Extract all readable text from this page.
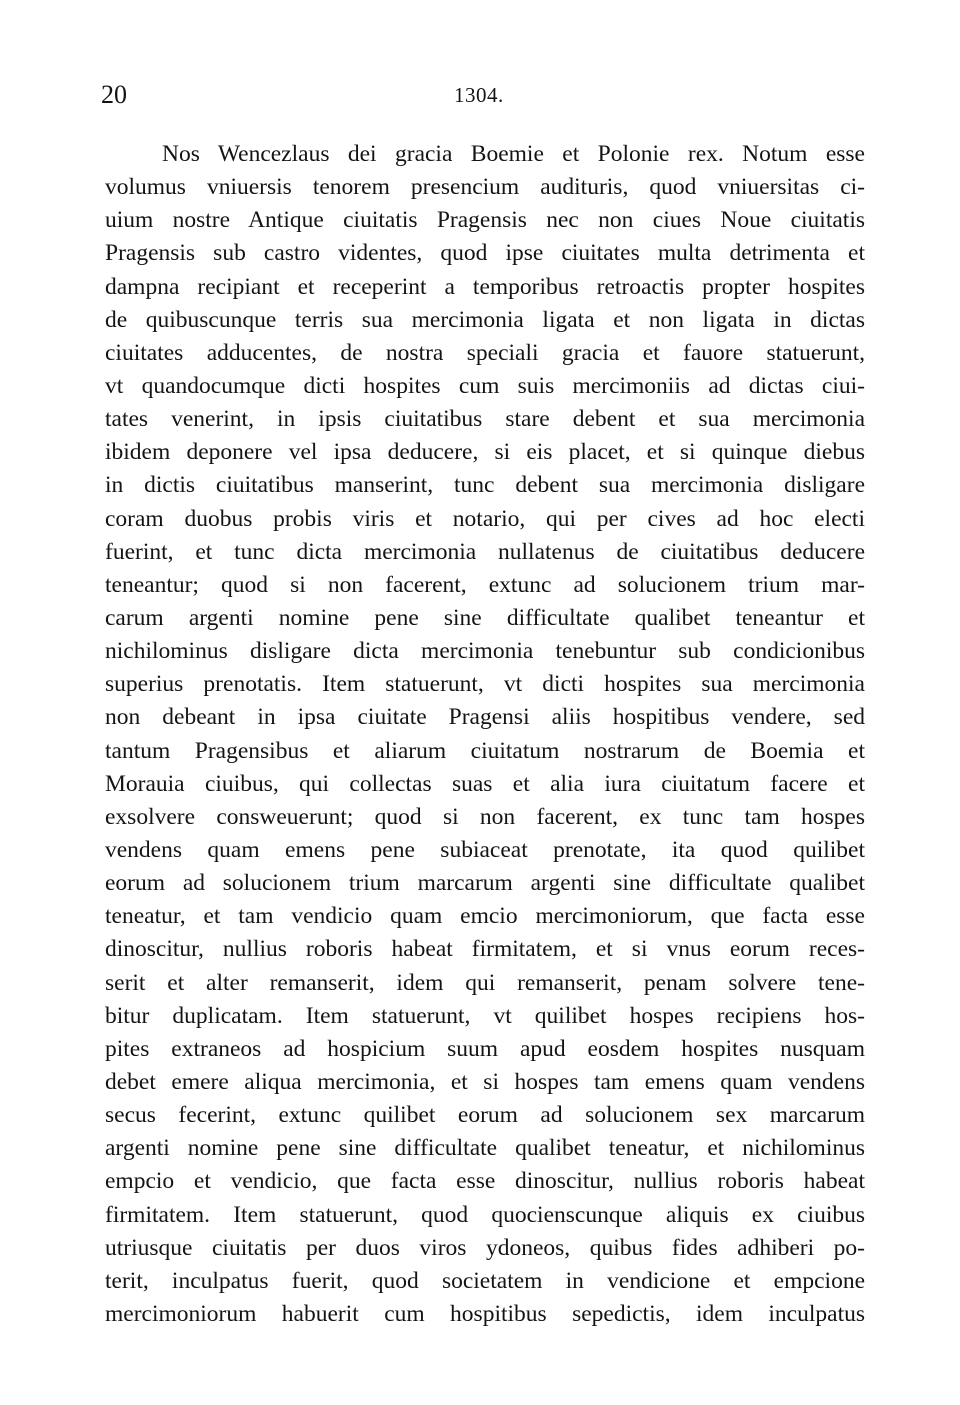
20	1304.
Nos Wencezlaus dei gracia Boemie et Polonie rex. Notum esse
volumus vniuersis tenorem presencium audituris, quod vniuersitas ci-
uium nostre Antique ciuitatis Pragensis nec non ciues Noue ciuitatis
Pragensis sub castro videntes, quod ipse ciuitates multa detrimenta et
dampna recipiant et receperint a temporibus retroactis propter hospites
de quibuscunque terris sua mercimonia ligata et non ligata in dictas
ciuitates adducentes, de nostra speciali gracia et fauore statuerunt,
vt quandocumque dicti hospites cum suis mercimoniis ad dictas ciui-
tates venerint, in ipsis ciuitatibus stare debent et sua mercimonia
ibidem deponere vel ipsa deducere, si eis placet, et si quinque diebus
in dictis ciuitatibus manserint, tunc debent sua mercimonia disligare
coram duobus probis viris et notario, qui per cives ad hoc electi
fuerint, et tunc dicta mercimonia nullatenus de ciuitatibus deducere
teneantur; quod si non facerent, extunc ad solucionem trium mar-
carum argenti nomine pene sine difficultate qualibet teneantur et
nichilominus disligare dicta mercimonia tenebuntur sub condicionibus
superius prenotatis. Item statuerunt, vt dicti hospites sua mercimonia
non debeant in ipsa ciuitate Pragensi aliis hospitibus vendere, sed
tantum Pragensibus et aliarum ciuitatum nostrarum de Boemia et
Morauia ciuibus, qui collectas suas et alia iura ciuitatum facere et
exsolvere consweuerunt; quod si non facerent, ex tunc tam hospes
vendens quam emens pene subiaceat prenotate, ita quod quilibet
eorum ad solucionem trium marcarum argenti sine difficultate qualibet
teneatur, et tam vendicio quam emcio mercimoniorum, que facta esse
dinoscitur, nullius roboris habeat firmitatem, et si vnus eorum reces-
serit et alter remanserit, idem qui remanserit, penam solvere tene-
bitur duplicatam. Item statuerunt, vt quilibet hospes recipiens hos-
pites extraneos ad hospicium suum apud eosdem hospites nusquam
debet emere aliqua mercimonia, et si hospes tam emens quam vendens
secus fecerint, extunc quilibet eorum ad solucionem sex marcarum
argenti nomine pene sine difficultate qualibet teneatur, et nichilominus
empcio et vendicio, que facta esse dinoscitur, nullius roboris habeat
firmitatem. Item statuerunt, quod quocienscunque aliquis ex ciuibus
utriusque ciuitatis per duos viros ydoneos, quibus fides adhiberi po-
terit, inculpatus fuerit, quod societatem in vendicione et empcione
mercimoniorum habuerit cum hospitibus sepedictis, idem inculpatus
